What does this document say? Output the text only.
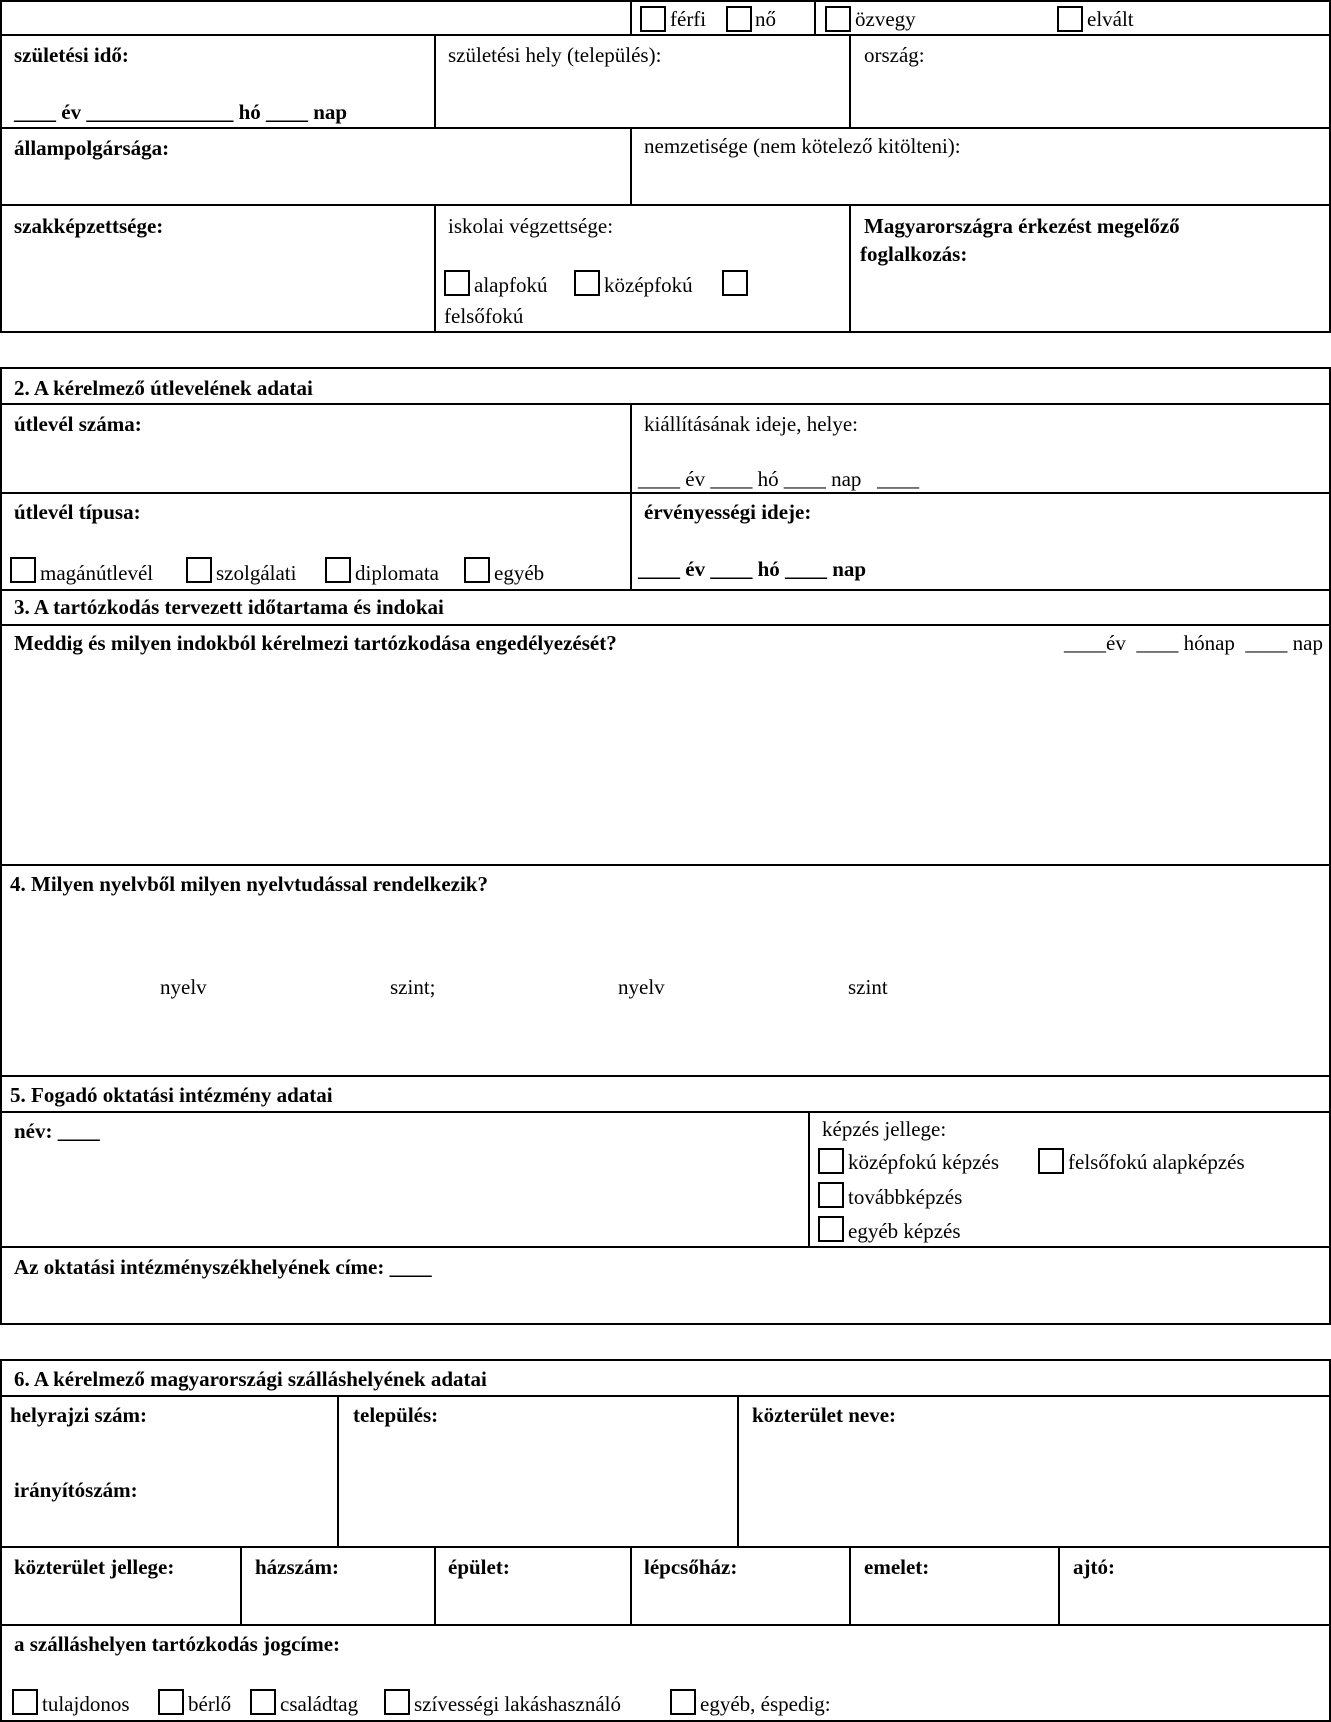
férfi nő	özvegy	elvált
születési idő:
____ év ______________ hó ____ nap
születési hely (település):	ország:
állampolgársága:	nemzetisége (nem kötelező kitölteni):
szakképzettsége:	iskolai végzettsége:
alapfokú	középfokú
felsőfokú
Magyarországra érkezést megelőző
foglalkozás:
2. A kérelmező útlevelének adatai
útlevél száma:	kiállításának ideje, helye:
____ év ____ hó ____ nap   ____
útlevél típusa:
magánútlevél	szolgálati	diplomata	egyéb
érvényességi ideje:
____ év ____ hó ____ nap
3. A tartózkodás tervezett időtartama és indokai
Meddig és milyen indokból kérelmezi tartózkodása engedélyezését?	____év  ____ hónap  ____ nap
4. Milyen nyelvből milyen nyelvtudással rendelkezik?
nyelv	szint;	nyelv	szint
5. Fogadó oktatási intézmény adatai
név: ____	képzés jellege:
középfokú képzés	felsőfokú alapképzés
továbbképzés
egyéb képzés
Az oktatási intézményszékhelyének címe: ____
6. A kérelmező magyarországi szálláshelyének adatai
helyrajzi szám:
irányítószám:
település:	közterület neve:
közterület jellege:	házszám:	épület:	lépcsőház:	emelet:	ajtó:
a szálláshelyen tartózkodás jogcíme:
tulajdonos	bérlő családtag	szívességi lakáshasználó	egyéb, éspedig:
